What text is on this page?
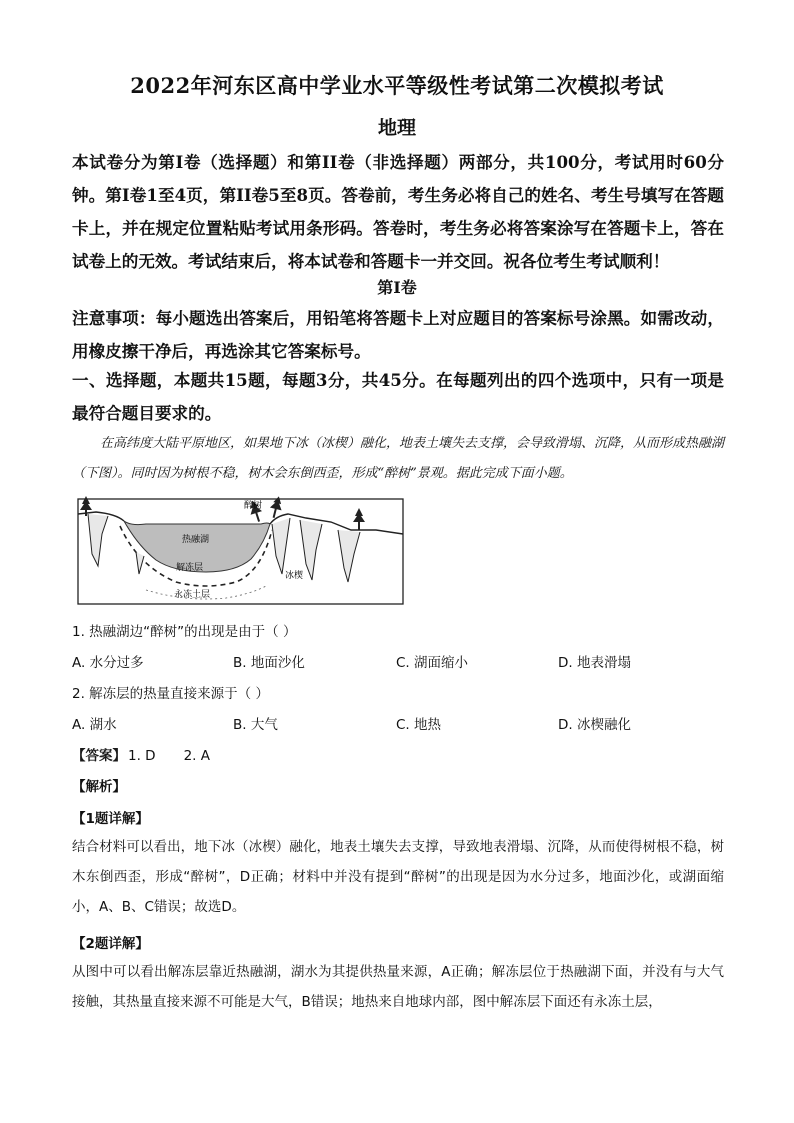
2022年河东区高中学业水平等级性考试第二次模拟考试
地理
本试卷分为第Ⅰ卷（选择题）和第II卷（非选择题）两部分，共100分，考试用时60分钟。第Ⅰ卷1至4页，第II卷5至8页。答卷前，考生务必将自己的姓名、考生号填写在答题卡上，并在规定位置粘贴考试用条形码。答卷时，考生务必将答案涂写在答题卡上，答在试卷上的无效。考试结束后，将本试卷和答题卡一并交回。祝各位考生考试顺利！
第Ⅰ卷
注意事项：每小题选出答案后，用铅笔将答题卡上对应题目的答案标号涂黑。如需改动，用橡皮擦干净后，再选涂其它答案标号。
一、选择题，本题共15题，每题3分，共45分。在每题列出的四个选项中，只有一项是最符合题目要求的。
在高纬度大陆平原地区，如果地下冰（冰楔）融化，地表土壤失去支撑，会导致滑塌、沉降，从而形成热融湖（下图）。同时因为树根不稳，树木会东倒西歪，形成“醉树”景观。据此完成下面小题。
醉树
热融湖
解冻层
冰楔
永冻土层
1. 热融湖边“醉树”的出现是由于（ ）
A. 水分过多	B. 地面沙化	C. 湖面缩小	D. 地表滑塌
2. 解冻层的热量直接来源于（ ）
A. 湖水	B. 大气	C. 地热	D. 冰楔融化
【答案】 1. D 2. A
【解析】
【1题详解】
结合材料可以看出，地下冰（冰楔）融化，地表土壤失去支撑，导致地表滑塌、沉降，从而使得树根不稳，树木东倒西歪，形成“醉树”，D正确；材料中并没有提到“醉树”的出现是因为水分过多，地面沙化，或湖面缩小，A、B、C错误；故选D。
【2题详解】
从图中可以看出解冻层靠近热融湖，湖水为其提供热量来源，A正确；解冻层位于热融湖下面，并没有与大气接触，其热量直接来源不可能是大气，B错误；地热来自地球内部，图中解冻层下面还有永冻土层，
